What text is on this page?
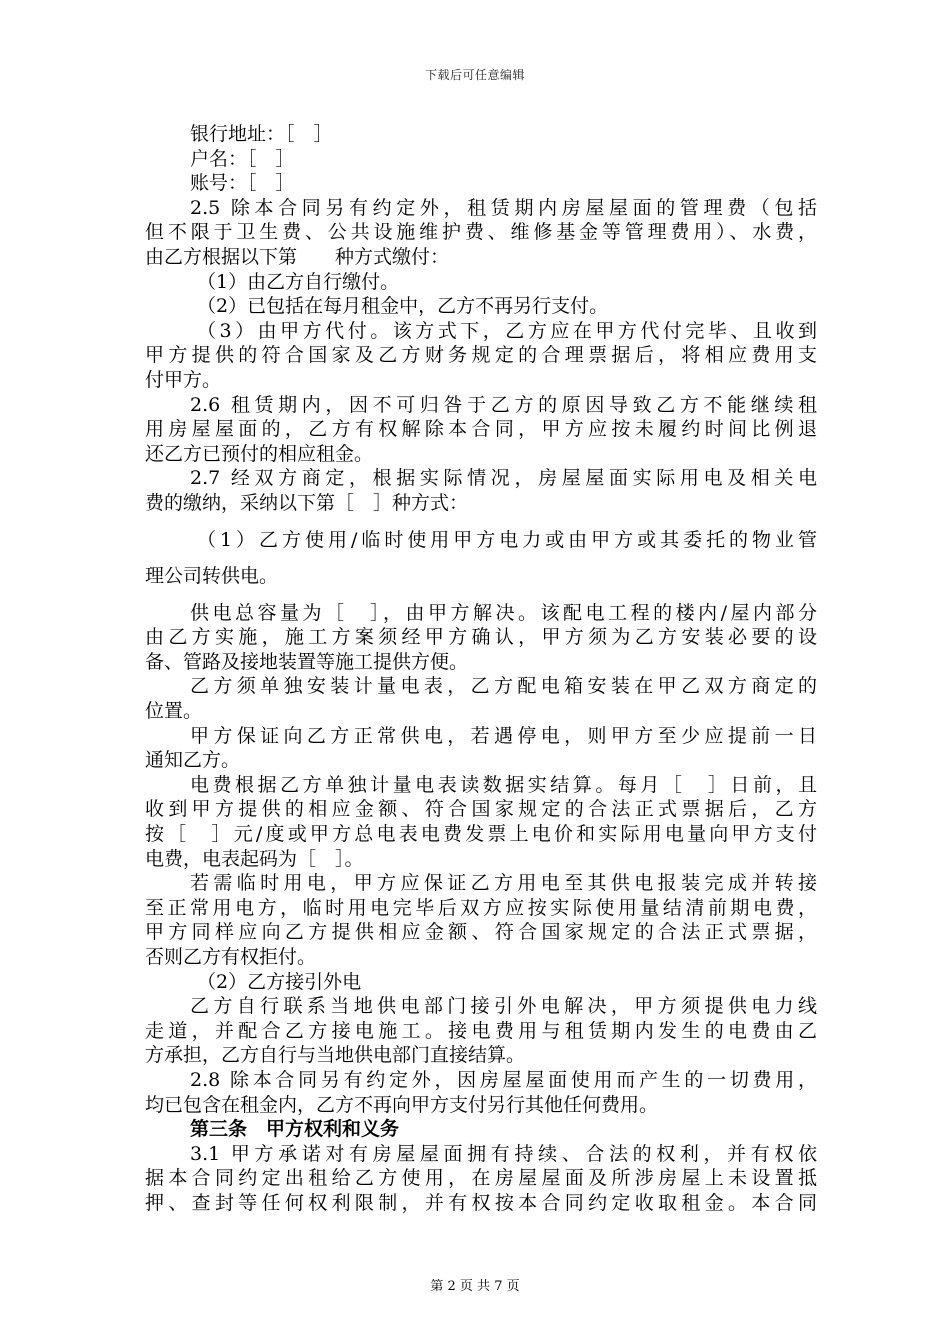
下载后可任意编辑
银行地址：［　］
户名：［　］
账号：［　］
2.5 除本合同另有约定外，租赁期内房屋屋面的管理费（包括
但不限于卫生费、公共设施维护费、维修基金等管理费用）、水费，
由乙方根据以下第　　种方式缴付：
（1）由乙方自行缴付。
（2）已包括在每月租金中，乙方不再另行支付。
（3）由甲方代付。该方式下，乙方应在甲方代付完毕、且收到
甲方提供的符合国家及乙方财务规定的合理票据后，将相应费用支
付甲方。
2.6 租赁期内，因不可归咎于乙方的原因导致乙方不能继续租
用房屋屋面的，乙方有权解除本合同，甲方应按未履约时间比例退
还乙方已预付的相应租金。
2.7 经双方商定，根据实际情况，房屋屋面实际用电及相关电
费的缴纳，采纳以下第［　］种方式：
（1）乙方使用/临时使用甲方电力或由甲方或其委托的物业管
理公司转供电。
供电总容量为［　］，由甲方解决。该配电工程的楼内/屋内部分
由乙方实施，施工方案须经甲方确认，甲方须为乙方安装必要的设
备、管路及接地装置等施工提供方便。
乙方须单独安装计量电表，乙方配电箱安装在甲乙双方商定的
位置。
甲方保证向乙方正常供电，若遇停电，则甲方至少应提前一日
通知乙方。
电费根据乙方单独计量电表读数据实结算。每月［　］日前，且
收到甲方提供的相应金额、符合国家规定的合法正式票据后，乙方
按［　］元/度或甲方总电表电费发票上电价和实际用电量向甲方支付
电费，电表起码为［　］。
若需临时用电，甲方应保证乙方用电至其供电报装完成并转接
至正常用电方，临时用电完毕后双方应按实际使用量结清前期电费，
甲方同样应向乙方提供相应金额、符合国家规定的合法正式票据，
否则乙方有权拒付。
（2）乙方接引外电
乙方自行联系当地供电部门接引外电解决，甲方须提供电力线
走道，并配合乙方接电施工。接电费用与租赁期内发生的电费由乙
方承担，乙方自行与当地供电部门直接结算。
2.8 除本合同另有约定外，因房屋屋面使用而产生的一切费用，
均已包含在租金内，乙方不再向甲方支付另行其他任何费用。
第三条　甲方权利和义务
3.1 甲方承诺对有房屋屋面拥有持续、合法的权利，并有权依
据本合同约定出租给乙方使用，在房屋屋面及所涉房屋上未设置抵
押、查封等任何权利限制，并有权按本合同约定收取租金。本合同
第 2 页 共 7 页
